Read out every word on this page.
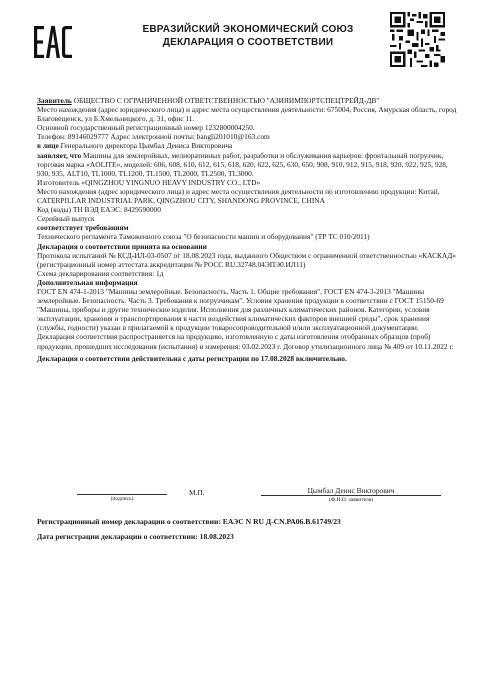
ЕВРАЗИЙСКИЙ ЭКОНОМИЧЕСКИЙ СОЮЗ
ДЕКЛАРАЦИЯ О СООТВЕТСТВИИ

Заявитель ОБЩЕСТВО С ОГРАНИЧЕННОЙ ОТВЕТСТВЕННОСТЬЮ "АЗИЯИМПОРТСПЕЦТРЕЙД-ДВ"

Место нахождения (адрес юридического лица) и адрес места осуществления деятельности: 675004, Россия, Амурская область, город Благовещенск, ул Б.Хмельницкого, д. 31, офис 11.

Основной государственный регистрационный номер 1232800004250.

Телефон: 89146029777 Адрес электронной почты: bangli201010@163.com

в лице Генерального директора Цымбал Дениса Викторовича

заявляет, что Машины для землеройных, мелиоративных работ, разработки и обслуживания карьеров: фронтальный погрузчик, торговая марка «AOLITE», моделей: 606, 608, 610, 612, 615, 618, 620, 622, 625, 630, 650, 908, 910, 912, 915, 918, 920, 922, 925, 928, 930, 935, ALT10, TL1000, TL1200, TL1500, TL2000, TL2500, TL3000.

Изготовитель «QINGZHOU YINGNUO HEAVY INDUSTRY CO., LTD»

Место нахождения (адрес юридического лица) и адрес места осуществления деятельности по изготовлению продукции: Китай, CATERPILLAR INDUSTRIAL PARK, QINGZHOU CITY, SHANDONG PROVINCE, CHINA

Код (коды) ТН ВЭД ЕАЭС: 8429590000

Серийный выпуск

соответствует требованиям

Технического регламента Таможенного союза "О безопасности машин и оборудования" (ТР ТС 010/2011)

Декларация о соответствии принята на основании

Протокола испытаний № КСД-ИЛ-03-0507 от 18.08.2023 года, выданного Обществом с ограниченной ответственностью «КАСКАД» (регистрационный номер аттестата аккредитации № РОСС RU.32748.04ЭПЭ0.ИЛ11)

Схема декларирования соответствия: 1д

Дополнительная информация

ГОСТ EN 474-1-2013 "Машины землеройные. Безопасность. Часть 1. Общие требования", ГОСТ EN 474-3-2013 "Машины землеройные. Безопасность. Часть 3. Требования к погрузчикам". Условия хранения продукции в соответствии с ГОСТ 15150-69 "Машины, приборы и другие технические изделия. Исполнения для различных климатических районов. Категории, условия эксплуатации, хранения и транспортирования в части воздействия климатических факторов внешней среды", срок хранения (службы, годности) указан в прилагаемой к продукции товаросопроводительной и/или эксплуатационной документации. Декларация соответствия распространяется на продукцию, изготовленную с даты изготовления отобранных образцов (проб) продукции, прошедших исследования (испытания) и измерения: 03.02.2023 г. Договор утилизационного лица № 409 от 10.11.2022 г.

Декларация о соответствии действительна с даты регистрации по 17.08.2028 включительно.

(подпись)
М.П.	Цымбал Денис Викторович
(Ф.И.О. заявителя)
Регистрационный номер декларации о соответствии: ЕАЭС N RU Д-CN.РА06.В.61749/23
Дата регистрации декларации о соответствии: 18.08.2023
